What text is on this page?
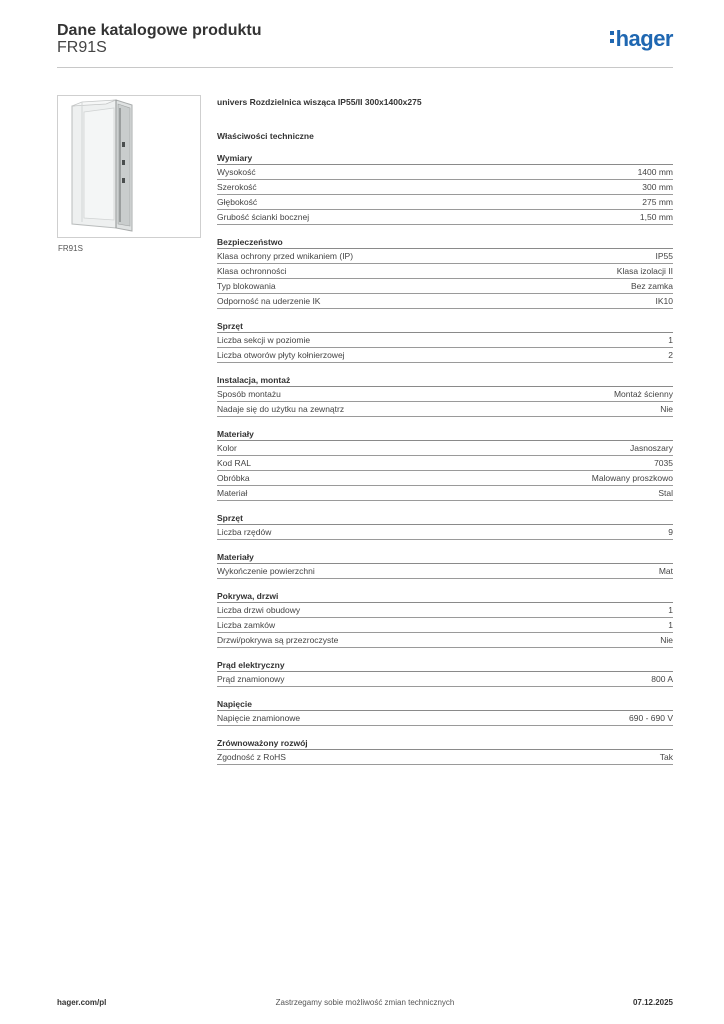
Dane katalogowe produktu
FR91S	hager
FR91S
univers Rozdzielnica wisząca IP55/II 300x1400x275
Właściwości techniczne
Wymiary
Wysokość	1400 mm
Szerokość	300 mm
Głębokość	275 mm
Grubość ścianki bocznej	1,50 mm
Bezpieczeństwo
Klasa ochrony przed wnikaniem (IP)	IP55
Klasa ochronności	Klasa izolacji II
Typ blokowania	Bez zamka
Odporność na uderzenie IK	IK10
Sprzęt
Liczba sekcji w poziomie	1
Liczba otworów płyty kołnierzowej	2
Instalacja, montaż
Sposób montażu	Montaż ścienny
Nadaje się do użytku na zewnątrz	Nie
Materiały
Kolor	Jasnoszary
Kod RAL	7035
Obróbka	Malowany proszkowo
Materiał	Stal
Sprzęt
Liczba rzędów	9
Materiały
Wykończenie powierzchni	Mat
Pokrywa, drzwi
Liczba drzwi obudowy	1
Liczba zamków	1
Drzwi/pokrywa są przezroczyste	Nie
Prąd elektryczny
Prąd znamionowy	800 A
Napięcie
Napięcie znamionowe	690 - 690 V
Zrównoważony rozwój
Zgodność z RoHS	Tak
Zastrzegamy sobie możliwość zmian technicznych
hager.com/pl	07.12.2025
